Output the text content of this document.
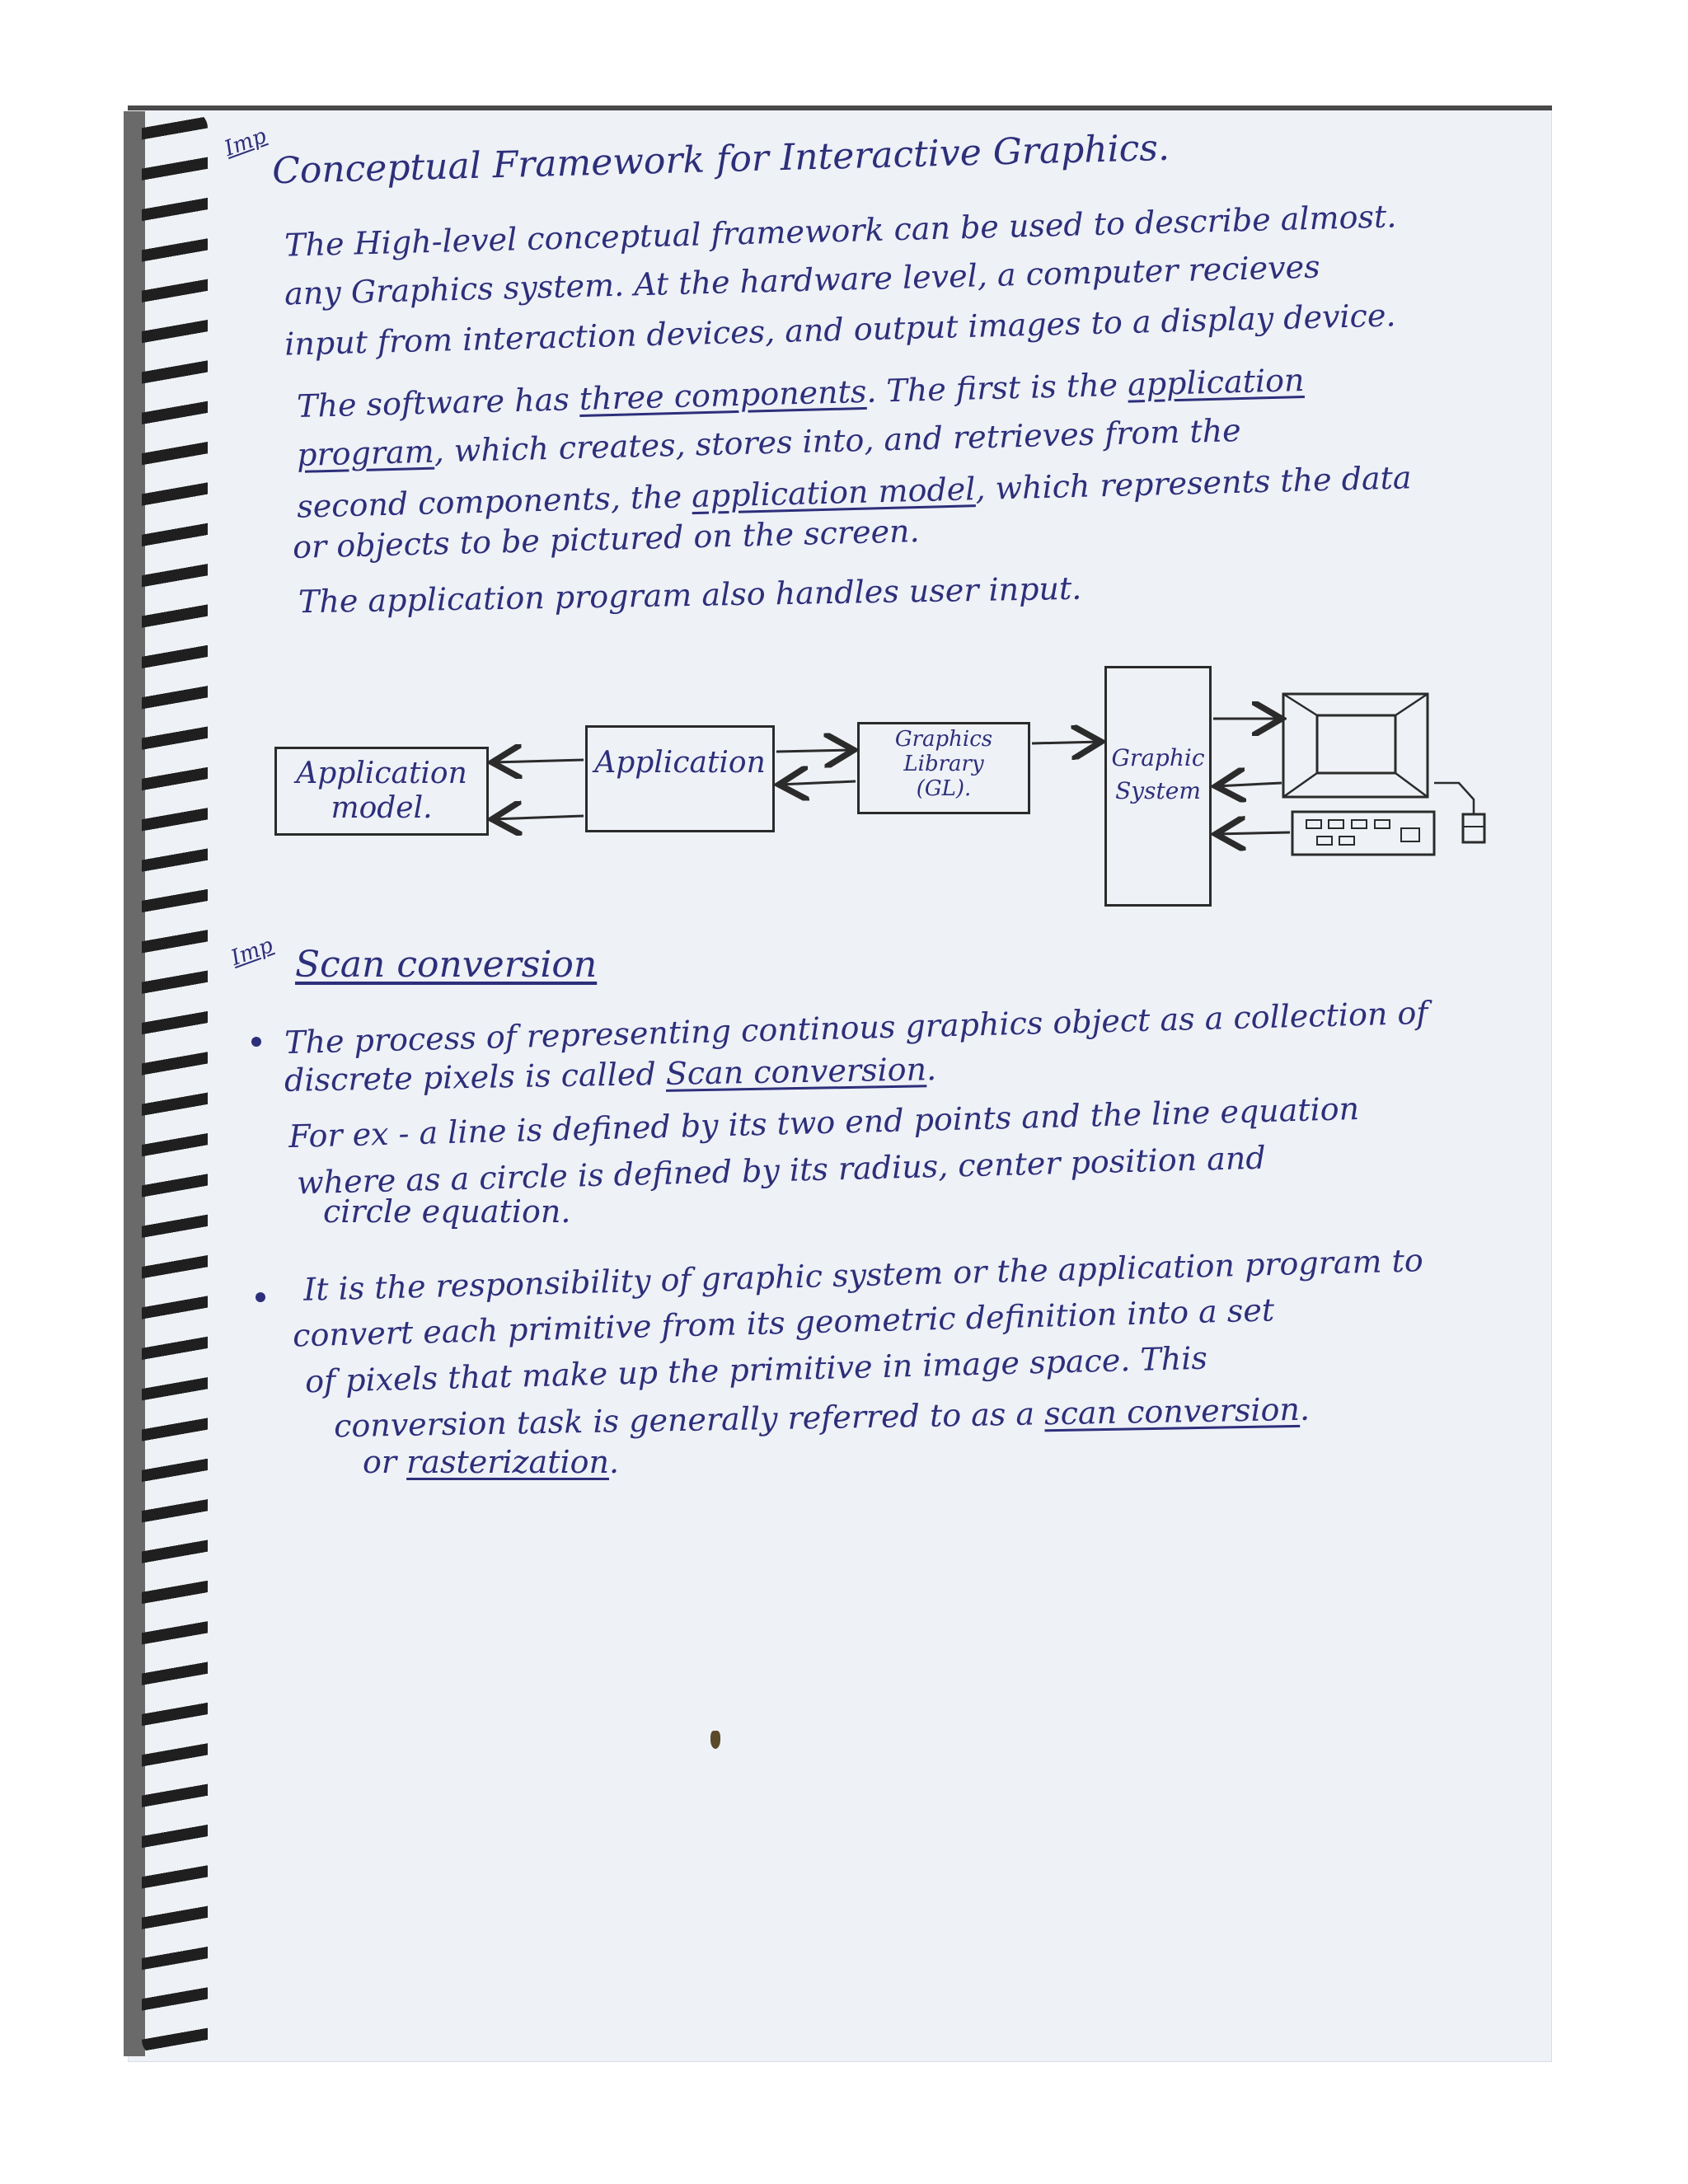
Imp Conceptual Framework for Interactive Graphics.
The High-level conceptual framework can be used to describe almost.
any Graphics system. At the hardware level, a computer recieves
input from interaction devices, and output images to a display device.
The software has three components. The first is the application
program, which creates, stores into, and retrieves from the
second components, the application model, which represents the data
or objects to be pictured on the screen.
The application program also handles user input.
Application
model.
Application
Graphics
Library
(GL).
Graphic
System
Imp Scan conversion
The process of representing continous graphics object as a collection of
discrete pixels is called Scan conversion.
For ex - a line is defined by its two end points and the line equation
where as a circle is defined by its radius, center position and
circle equation.
It is the responsibility of graphic system or the application program to
convert each primitive from its geometric definition into a set
of pixels that make up the primitive in image space. This
conversion task is generally referred to as a scan conversion.
or rasterization.
